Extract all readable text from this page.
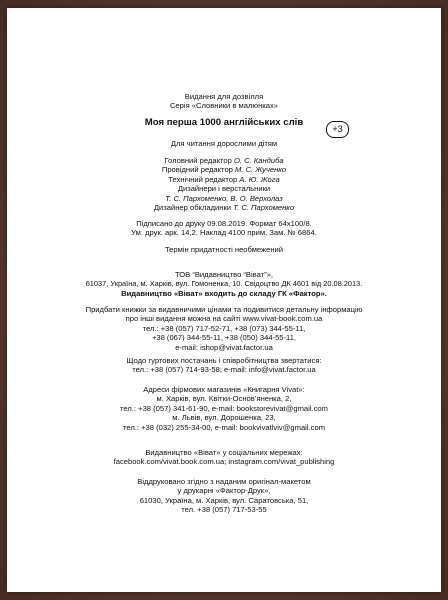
Видання для дозвілля
Серія «Словники в малюнках»
Моя перша 1000 англійських слів
+3
Для читання дорослими дітям
Головний редактор О. С. Кандиба
Провідний редактор М. С. Жученко
Технічний редактор А. Ю. Жога
Дизайнери і верстальники
Т. С. Пархоменко, В. О. Верхолаз
Дизайнер обкладинки Т. С. Пархоменко
Підписано до друку 09.08.2019. Формат 64x100/8.
Ум. друк. арк. 14,2. Наклад 4100 прим. Зам. № 6864.
Термін придатності необмежений
ТОВ “Видавництво “Віват”»,
61037, Україна, м. Харків, вул. Гомоненка, 10. Свідоцтво ДК 4601 від 20.08.2013.
Видавництво «Віват» входить до складу ГК «Фактор».
Придбати книжки за видавничими цінами та подивитися детальну інформацію
про інші видання можна на сайті www.vivat-book.com.ua
тел.: +38 (057) 717-52-71, +38 (073) 344-55-11,
+38 (067) 344-55-11, +38 (050) 344-55-11,
e-mail: ishop@vivat.factor.ua
Щодо гуртових постачань і співробітництва звертатися:
тел.: +38 (057) 714-93-58; e-mail: info@vivat.factor.ua
Адреси фірмових магазинів «Книгарня Vivat»:
м. Харків, вул. Квітки-Основ’яненка, 2,
тел.: +38 (057) 341-61-90, e-mail: bookstorevivat@gmail.com
м. Львів, вул. Дорошенка, 23,
тел.: +38 (032) 255-34-00, e-mail: bookvivatlviv@gmail.com
Видавництво «Віват» у соціальних мережах:
facebook.com/vivat.book.com.ua; instagram.com/vivat_publishing
Віддруковано згідно з наданим оригінал-макетом
у друкарні «Фактор-Друк»,
61030, Україна, м. Харків, вул. Саратовська, 51,
тел. +38 (057) 717-53-55
